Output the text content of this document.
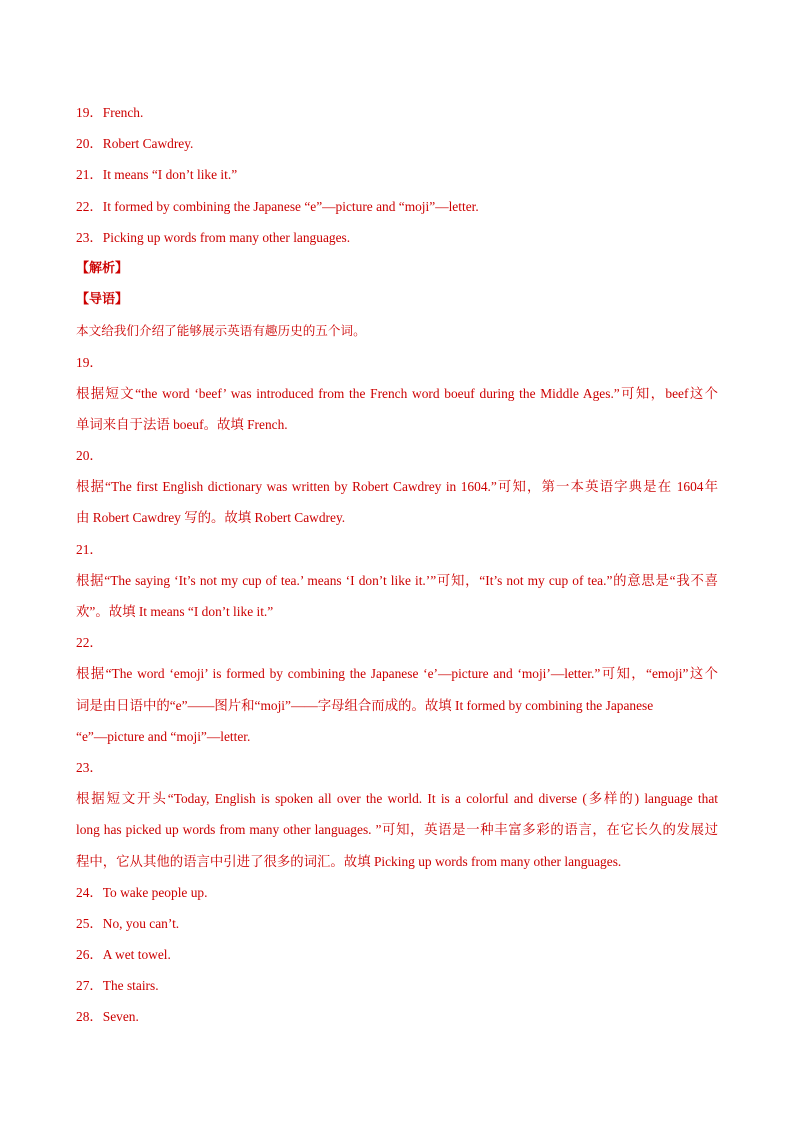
19．French.
20．Robert Cawdrey.
21．It means “I don’t like it.”
22．It formed by combining the Japanese “e”—picture and “moji”—letter.
23．Picking up words from many other languages.
【解析】
【导语】
本文给我们介绍了能够展示英语有趣历史的五个词。
19．
根据短文“the word ‘beef’ was introduced from the French word boeuf during the Middle Ages.”可知，beef这个
单词来自于法语 boeuf。故填 French.
20．
根据“The first English dictionary was written by Robert Cawdrey in 1604.”可知，第一本英语字典是在 1604年
由 Robert Cawdrey 写的。故填 Robert Cawdrey.
21．
根据“The saying ‘It’s not my cup of tea.’ means ‘I don’t like it.’”可知，“It’s not my cup of tea.”的意思是“我不喜
欢”。故填 It means “I don’t like it.”
22．
根据“The word ‘emoji’ is formed by combining the Japanese ‘e’—picture and ‘moji’—letter.”可知，“emoji”这个
词是由日语中的“e”——图片和“moji”——字母组合而成的。故填 It formed by combining the Japanese
“e”—picture and “moji”—letter.
23．
根据短文开头“Today, English is spoken all over the world. It is a colorful and diverse (多样的) language that
long has picked up words from many other languages. ”可知，英语是一种丰富多彩的语言，在它长久的发展过
程中，它从其他的语言中引进了很多的词汇。故填 Picking up words from many other languages.
24．To wake people up.
25．No, you can’t.
26．A wet towel.
27．The stairs.
28．Seven.
